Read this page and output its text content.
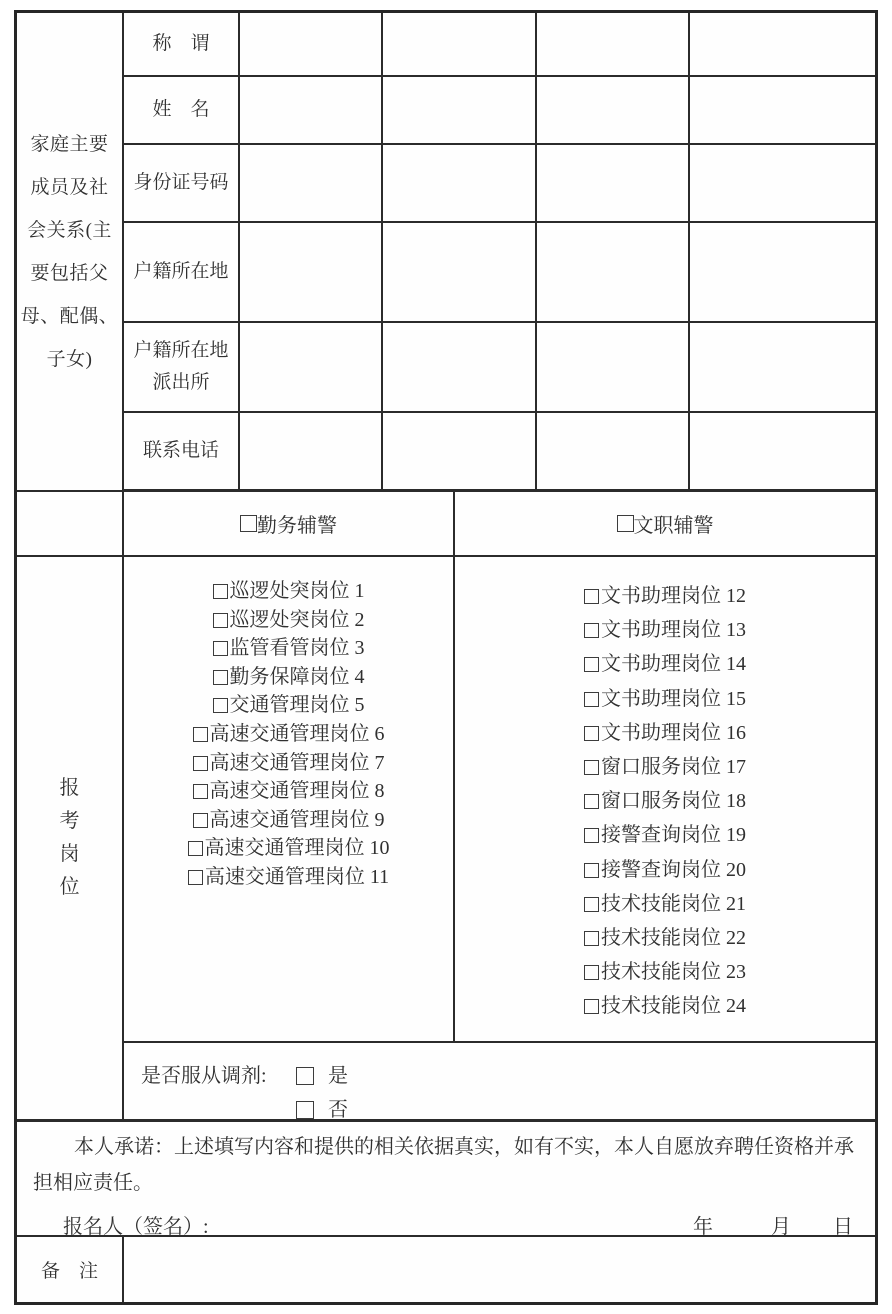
家庭主要
成员及社
会关系(主
要包括父
母、配偶、
子女)
称　谓
姓　名
身份证号码
户籍所在地
户籍所在地
派出所
联系电话
勤务辅警	文职辅警
报
考
岗
位
巡逻处突岗位 1
巡逻处突岗位 2
监管看管岗位 3
勤务保障岗位 4
交通管理岗位 5
高速交通管理岗位 6
高速交通管理岗位 7
高速交通管理岗位 8
高速交通管理岗位 9
高速交通管理岗位 10
高速交通管理岗位 11
文书助理岗位 12
文书助理岗位 13
文书助理岗位 14
文书助理岗位 15
文书助理岗位 16
窗口服务岗位 17
窗口服务岗位 18
接警查询岗位 19
接警查询岗位 20
技术技能岗位 21
技术技能岗位 22
技术技能岗位 23
技术技能岗位 24
是否服从调剂:	是
否
本人承诺：上述填写内容和提供的相关依据真实，如有不实，本人自愿放弃聘任资格并承担相应责任。
报名人（签名）:	年	月 日
备　注
